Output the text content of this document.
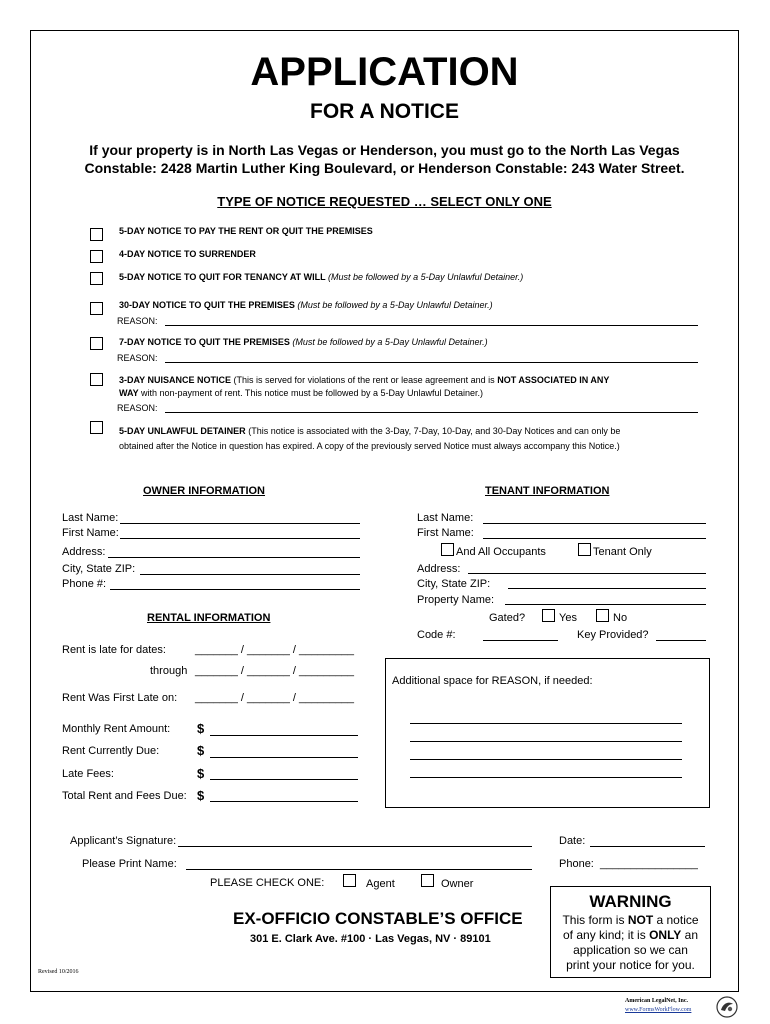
APPLICATION
FOR A NOTICE
If your property is in North Las Vegas or Henderson, you must go to the North Las Vegas
Constable: 2428 Martin Luther King Boulevard, or Henderson Constable: 243 Water Street.
TYPE OF NOTICE REQUESTED … SELECT ONLY ONE
5-DAY NOTICE TO PAY THE RENT OR QUIT THE PREMISES
4-DAY NOTICE TO SURRENDER
5-DAY NOTICE TO QUIT FOR TENANCY AT WILL (Must be followed by a 5-Day Unlawful Detainer.)
30-DAY NOTICE TO QUIT THE PREMISES (Must be followed by a 5-Day Unlawful Detainer.)
REASON:
7-DAY NOTICE TO QUIT THE PREMISES (Must be followed by a 5-Day Unlawful Detainer.)
REASON:
3-DAY NUISANCE NOTICE (This is served for violations of the rent or lease agreement and is NOT ASSOCIATED IN ANY
WAY with non-payment of rent. This notice must be followed by a 5-Day Unlawful Detainer.)
REASON:
5-DAY UNLAWFUL DETAINER (This notice is associated with the 3-Day, 7-Day, 10-Day, and 30-Day Notices and can only be
obtained after the Notice in question has expired. A copy of the previously served Notice must always accompany this Notice.)
OWNER INFORMATION
Last Name:
First Name:
Address:
City, State ZIP:
Phone #:
TENANT INFORMATION
Last Name:
First Name:
And All Occupants	Tenant Only
Address:
City, State ZIP:
Property Name:
Gated?	Yes	No
Code #:	Key Provided?
RENTAL INFORMATION
Rent is late for dates:	_______ / _______ / _________
through _______ / _______ / _________
Rent Was First Late on: _______ / _______ / _________
Monthly Rent Amount: $
Rent Currently Due:	$
Late Fees:	$
Total Rent and Fees Due: $
Additional space for REASON, if needed:
Applicant’s Signature:	Date:
Please Print Name:	Phone: ________________
PLEASE CHECK ONE:	Agent	Owner
EX-OFFICIO CONSTABLE’S OFFICE
301 E. Clark Ave. #100 · Las Vegas, NV · 89101
WARNING
This form is NOT a notice
of any kind; it is ONLY an
application so we can
print your notice for you.
Revised 10/2016
American LegalNet, Inc.
www.FormsWorkFlow.com
